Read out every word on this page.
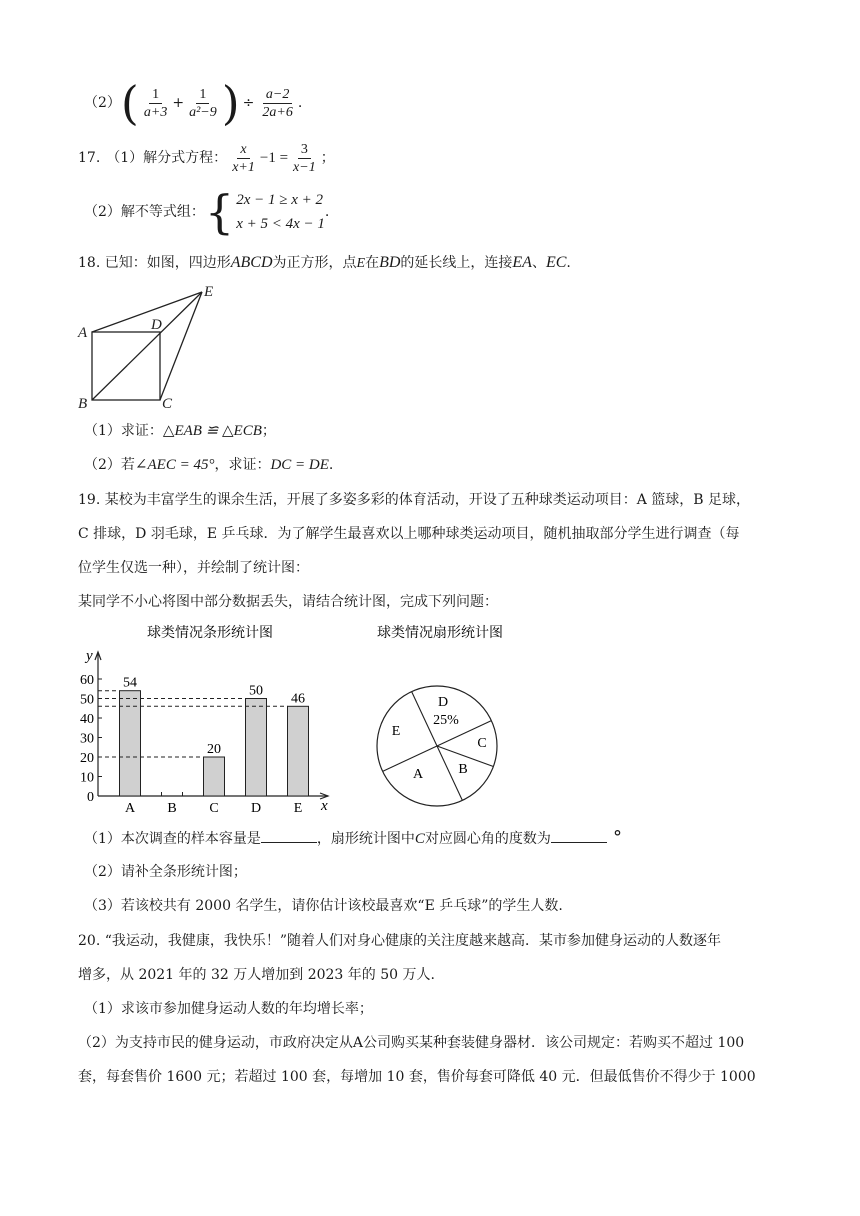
（2） ( $\frac{1}{a+3} + \frac{1}{\text{a²−9}}$ ) ÷ $\frac{a-2}{2a+6}$ .
17. （1）解分式方程： $\frac{x}{x+1} -1 = \frac{3}{x-1}$ ；
（2）解不等式组： { 2x − 1 ≥ x + 2
x + 5 < 4x − 1
.
18. 已知：如图，四边形ABCD为正方形，点E在BD的延长线上，连接EA、EC.
A
B	C
D
E
（1）求证：△EAB ≌ △ECB；
（2）若∠AEC = 45°，求证：DC = DE.
19. 某校为丰富学生的课余生活，开展了多姿多彩的体育活动，开设了五种球类运动项目：A 篮球，B 足球，
C 排球，D 羽毛球，E 乒乓球．为了解学生最喜欢以上哪种球类运动项目，随机抽取部分学生进行调查（每
位学生仅选一种），并绘制了统计图：
某同学不小心将图中部分数据丢失，请结合统计图，完成下列问题：
球类情况条形统计图
y
x
0
10
20
30
40
50
60 54
A B
20
C
50
D
46
E
球类情况扇形统计图
D
C
B
A
E
25%
（1）本次调查的样本容量是	，扇形统计图中C对应圆心角的度数为	°
（2）请补全条形统计图；
（3）若该校共有 2000 名学生，请你估计该校最喜欢“E 乒乓球”的学生人数.
20. “我运动，我健康，我快乐！”随着人们对身心健康的关注度越来越高．某市参加健身运动的人数逐年
增多，从 2021 年的 32 万人增加到 2023 年的 50 万人.
（1）求该市参加健身运动人数的年均增长率；
（2）为支持市民的健身运动，市政府决定从A公司购买某种套装健身器材．该公司规定：若购买不超过 100
套，每套售价 1600 元；若超过 100 套，每增加 10 套，售价每套可降低 40 元．但最低售价不得少于 1000
